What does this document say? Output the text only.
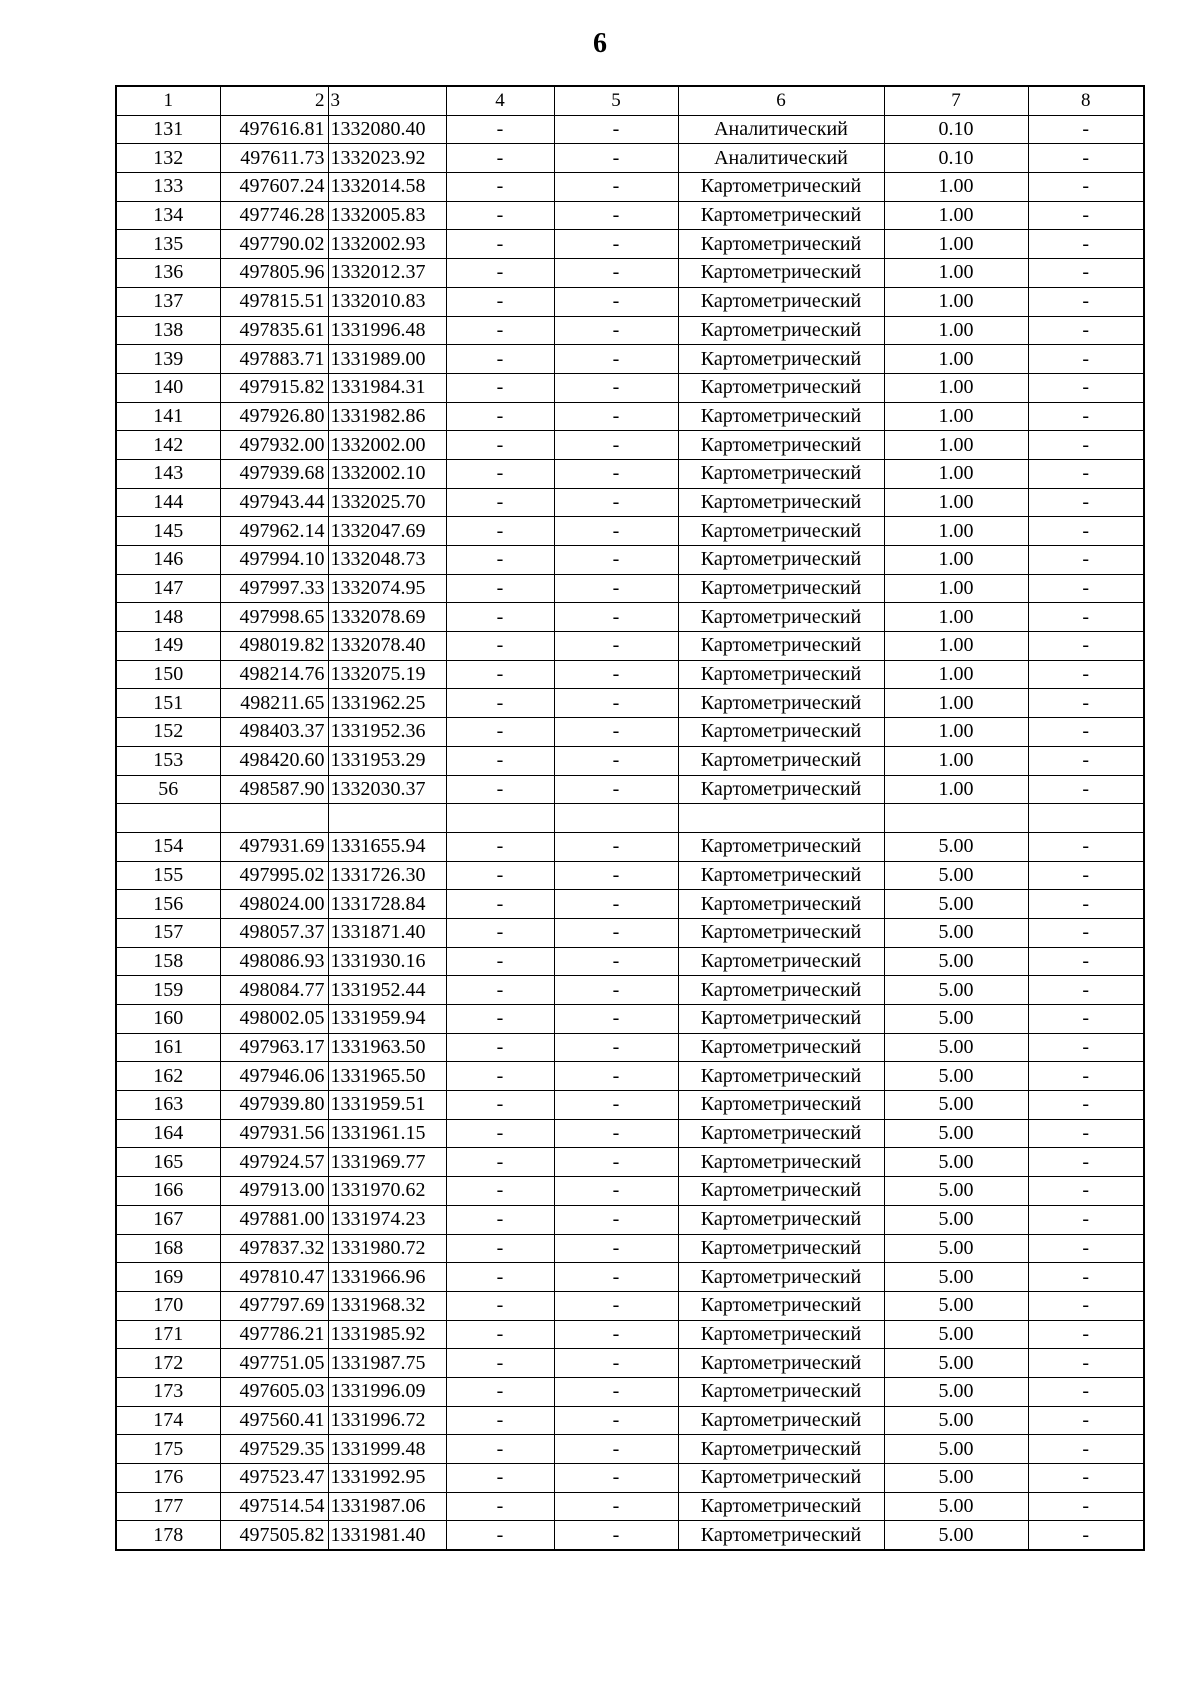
6
1	2	3	4	5	6	7	8
131	497616.81	1332080.40	-	-	Аналитический	0.10	-
132	497611.73	1332023.92	-	-	Аналитический	0.10	-
133	497607.24	1332014.58	-	-	Картометрический	1.00	-
134	497746.28	1332005.83	-	-	Картометрический	1.00	-
135	497790.02	1332002.93	-	-	Картометрический	1.00	-
136	497805.96	1332012.37	-	-	Картометрический	1.00	-
137	497815.51	1332010.83	-	-	Картометрический	1.00	-
138	497835.61	1331996.48	-	-	Картометрический	1.00	-
139	497883.71	1331989.00	-	-	Картометрический	1.00	-
140	497915.82	1331984.31	-	-	Картометрический	1.00	-
141	497926.80	1331982.86	-	-	Картометрический	1.00	-
142	497932.00	1332002.00	-	-	Картометрический	1.00	-
143	497939.68	1332002.10	-	-	Картометрический	1.00	-
144	497943.44	1332025.70	-	-	Картометрический	1.00	-
145	497962.14	1332047.69	-	-	Картометрический	1.00	-
146	497994.10	1332048.73	-	-	Картометрический	1.00	-
147	497997.33	1332074.95	-	-	Картометрический	1.00	-
148	497998.65	1332078.69	-	-	Картометрический	1.00	-
149	498019.82	1332078.40	-	-	Картометрический	1.00	-
150	498214.76	1332075.19	-	-	Картометрический	1.00	-
151	498211.65	1331962.25	-	-	Картометрический	1.00	-
152	498403.37	1331952.36	-	-	Картометрический	1.00	-
153	498420.60	1331953.29	-	-	Картометрический	1.00	-
56	498587.90	1332030.37	-	-	Картометрический	1.00	-

154	497931.69	1331655.94	-	-	Картометрический	5.00	-
155	497995.02	1331726.30	-	-	Картометрический	5.00	-
156	498024.00	1331728.84	-	-	Картометрический	5.00	-
157	498057.37	1331871.40	-	-	Картометрический	5.00	-
158	498086.93	1331930.16	-	-	Картометрический	5.00	-
159	498084.77	1331952.44	-	-	Картометрический	5.00	-
160	498002.05	1331959.94	-	-	Картометрический	5.00	-
161	497963.17	1331963.50	-	-	Картометрический	5.00	-
162	497946.06	1331965.50	-	-	Картометрический	5.00	-
163	497939.80	1331959.51	-	-	Картометрический	5.00	-
164	497931.56	1331961.15	-	-	Картометрический	5.00	-
165	497924.57	1331969.77	-	-	Картометрический	5.00	-
166	497913.00	1331970.62	-	-	Картометрический	5.00	-
167	497881.00	1331974.23	-	-	Картометрический	5.00	-
168	497837.32	1331980.72	-	-	Картометрический	5.00	-
169	497810.47	1331966.96	-	-	Картометрический	5.00	-
170	497797.69	1331968.32	-	-	Картометрический	5.00	-
171	497786.21	1331985.92	-	-	Картометрический	5.00	-
172	497751.05	1331987.75	-	-	Картометрический	5.00	-
173	497605.03	1331996.09	-	-	Картометрический	5.00	-
174	497560.41	1331996.72	-	-	Картометрический	5.00	-
175	497529.35	1331999.48	-	-	Картометрический	5.00	-
176	497523.47	1331992.95	-	-	Картометрический	5.00	-
177	497514.54	1331987.06	-	-	Картометрический	5.00	-
178	497505.82	1331981.40	-	-	Картометрический	5.00	-
